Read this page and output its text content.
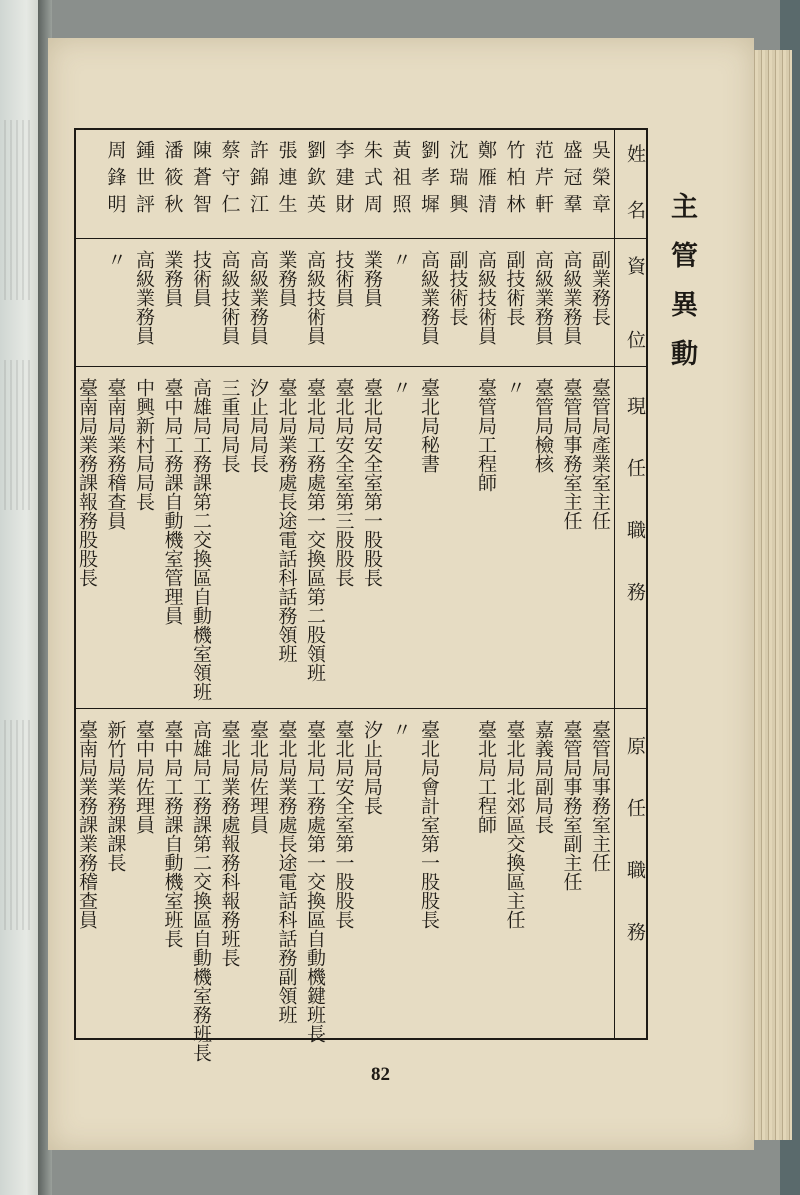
主管異動
姓
名
資
位
現　任　職　務
原　任　職　務
吳榮章
副業務長
臺管局產業室主任
臺管局事務室主任
盛冠羣
高級業務員
臺管局事務室主任
臺管局事務室副主任
范芹軒
高級業務員
臺管局檢核
嘉義局副局長
竹柏林
副技術長
〃
臺北局北郊區交換區主任
鄭雁清
高級技術員
臺管局工程師
臺北局工程師
沈瑞興
副技術長
劉孝墀
高級業務員
臺北局秘書
臺北局會計室第一股股長
黃祖照
〃
〃
〃
朱式周
業務員
臺北局安全室第一股股長
汐止局局長
李建財
技術員
臺北局安全室第三股股長
臺北局安全室第一股股長
劉欽英
高級技術員
臺北局工務處第一交換區第二股領班
臺北局工務處第一交換區自動機鍵班長
張連生
業務員
臺北局業務處長途電話科話務領班
臺北局業務處長途電話科話務副領班
許錦江
高級業務員
汐止局局長
臺北局佐理員
蔡守仁
高級技術員
三重局局長
臺北局業務處報務科報務班長
陳蒼智
技術員
高雄局工務課第二交換區自動機室領班
高雄局工務課第二交換區自動機室務班長
潘筱秋
業務員
臺中局工務課自動機室管理員
臺中局工務課自動機室班長
鍾世評
高級業務員
中興新村局局長
臺中局佐理員
周鋒明
〃
臺南局業務稽查員
新竹局業務課課長
臺南局業務課報務股股長
臺南局業務課業務稽查員
82
